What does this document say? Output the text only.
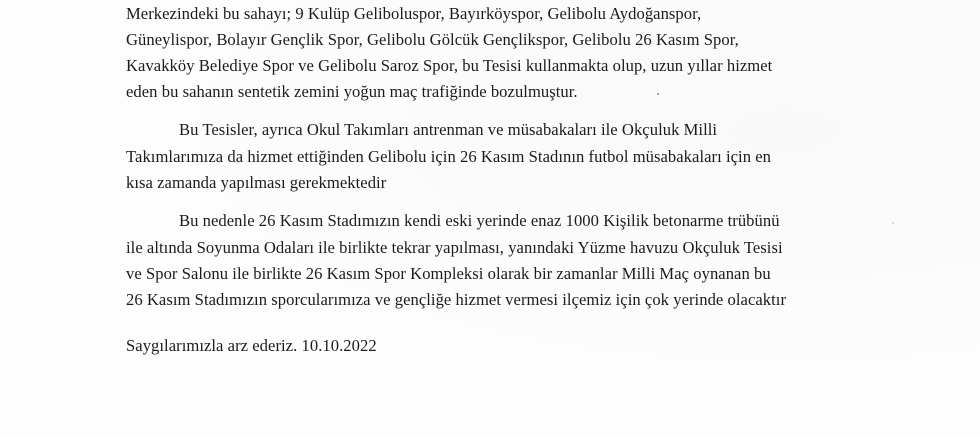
Merkezindeki bu sahayı; 9 Kulüp Gelibolu​spor, Bayırköyspor, Gelibolu Aydoğanspor,
Güneylispor, Bolayır Gençlik Spor, Gelibolu Gölcük Gençlikspor, Gelibolu 26 Kasım Spor,
Kavakköy Belediye Spor ve Gelibolu Saroz Spor, bu Tesisi kullanmakta olup, uzun yıllar hizmet
eden bu sahanın sentetik zemini yoğun maç trafiğinde bozulmuştur.
Bu Tesisler, ayrıca Okul Takımları antrenman ve müsabakaları ile Okçuluk Milli
Takımlarımıza da hizmet ettiğinden Gelibolu için 26 Kasım Stadının futbol müsabakaları için en
kısa zamanda yapılması gerekmektedir
Bu nedenle 26 Kasım Stadımızın kendi eski yerinde enaz 1000 Kişilik betonarme trübünü
ile altında Soyunma Odaları ile birlikte tekrar yapılması, yanındaki Yüzme havuzu Okçuluk Tesisi
ve Spor Salonu ile birlikte 26 Kasım Spor Kompleksi olarak bir zamanlar Milli Maç oynanan bu
26 Kasım Stadımızın sporcularımıza ve gençliğe hizmet vermesi ilçemiz için çok yerinde olacaktır
Saygılarımızla arz ederiz. 10.10.2022
